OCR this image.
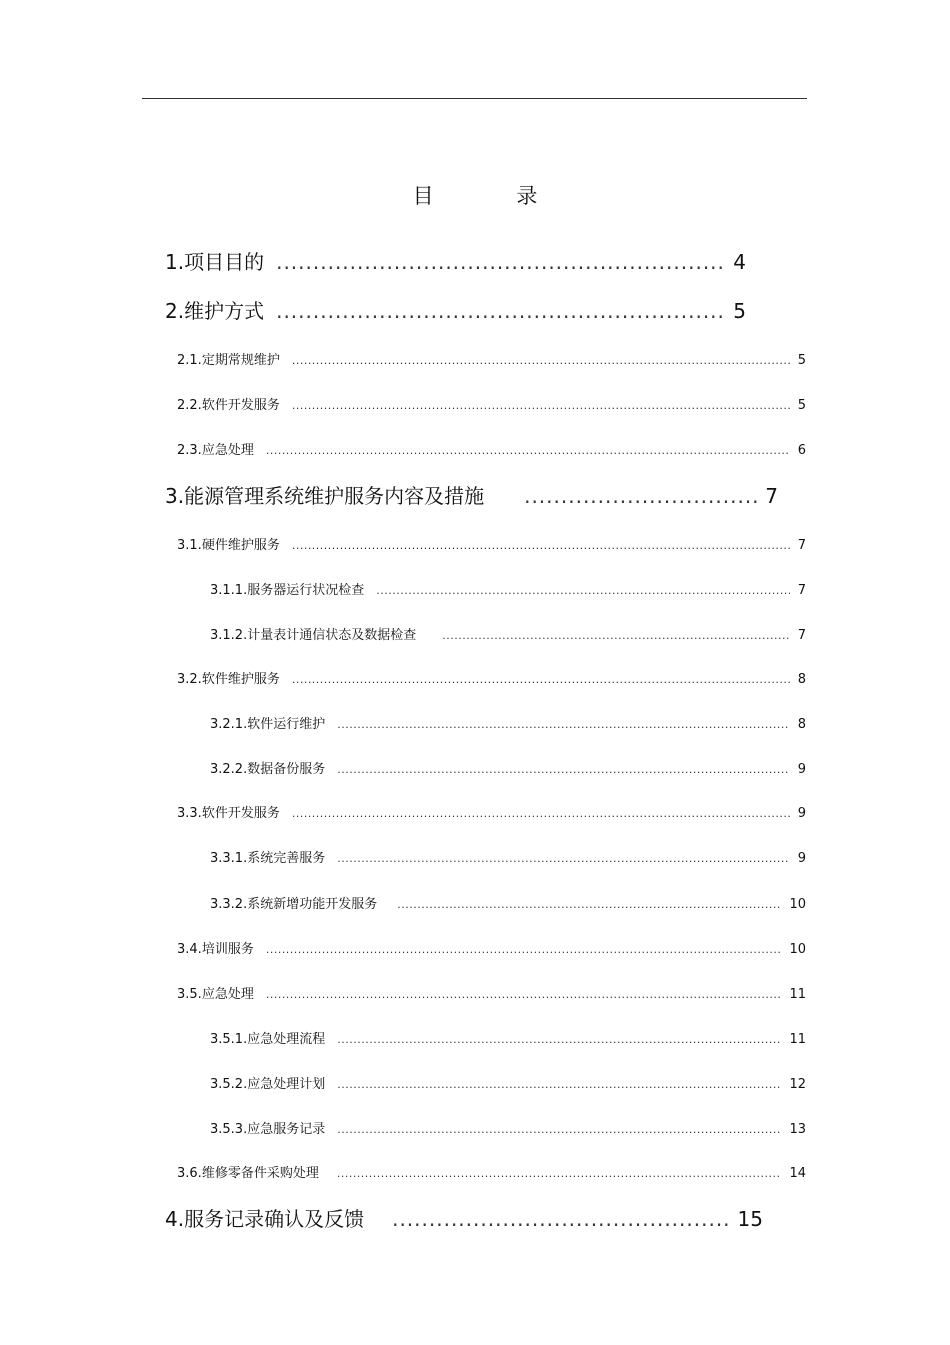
目 录
1. 项目目的 .....	4
2. 维护方式 .....	5
2.1. 定期常规维护 .....	5
2.2. 软件开发服务 .....	5
2.3. 应急处理 .....	6
3. 能源管理系统维护服务内容及措施 .....	7
3.1. 硬件维护服务 .....	7
3.1.1. 服务器运行状况检查 .....	7
3.1.2. 计量表计通信状态及数据检查 .....	7
3.2. 软件维护服务 .....	8
3.2.1. 软件运行维护 .....	8
3.2.2. 数据备份服务 .....	9
3.3. 软件开发服务 .....	9
3.3.1. 系统完善服务 .....	9
3.3.2. 系统新增功能开发服务 .....	10
3.4. 培训服务 .....	10
3.5. 应急处理 .....	11
3.5.1. 应急处理流程 .....	11
3.5.2. 应急处理计划 .....	12
3.5.3. 应急服务记录 .....	13
3.6. 维修零备件采购处理 .....	14
4. 服务记录确认及反馈 .....	15
